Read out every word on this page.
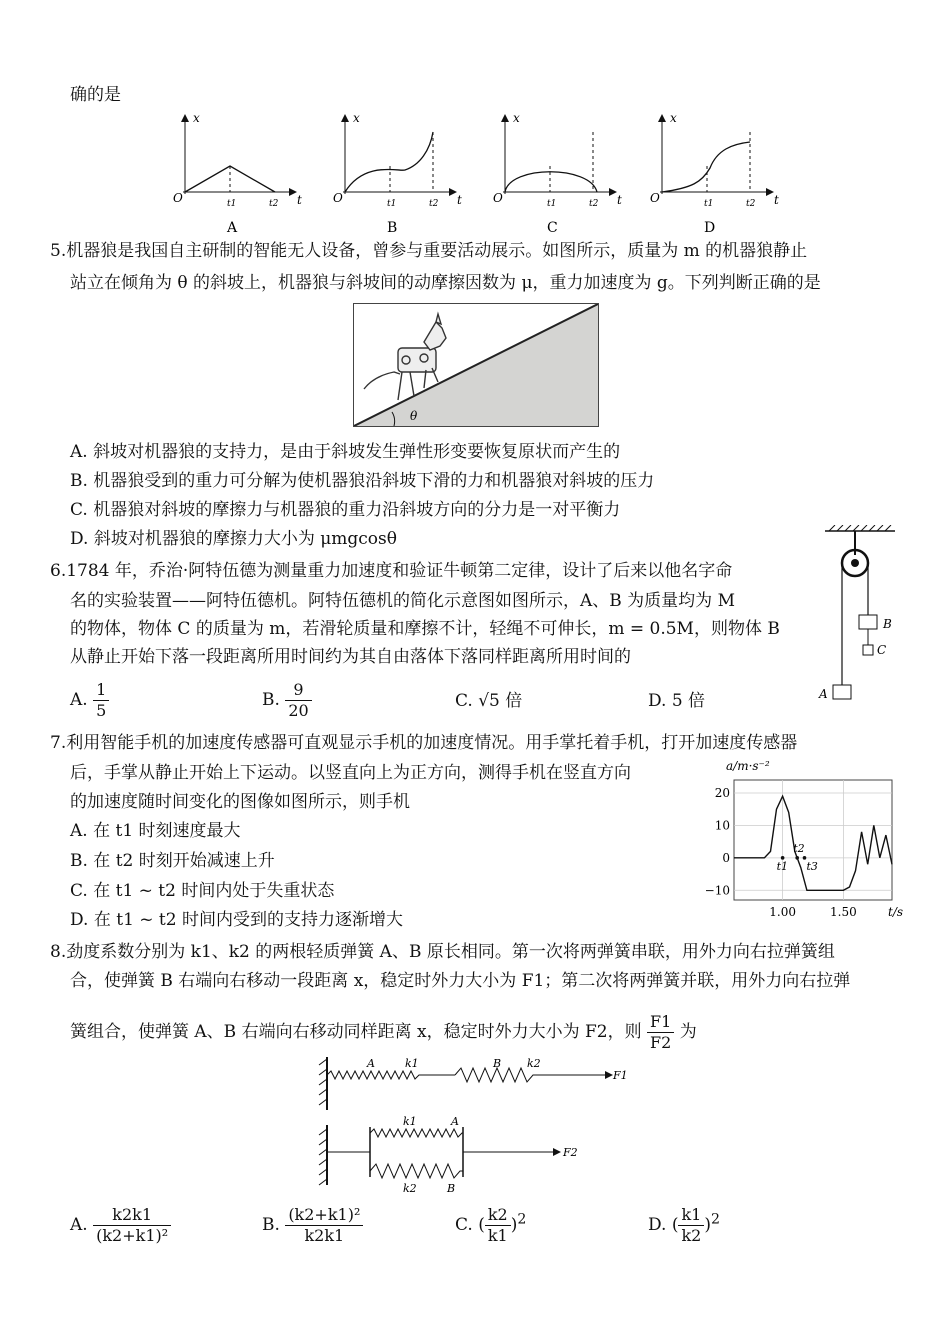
确的是
x
t
O	t1	t2
A
x
t
O	t1	t2
B
x
t
O	t1	t2
C
x
t
O	t1	t2
D
5.机器狼是我国自主研制的智能无人设备，曾参与重要活动展示。如图所示，质量为 m 的机器狼静止
站立在倾角为 θ 的斜坡上，机器狼与斜坡间的动摩擦因数为 μ，重力加速度为 g。下列判断正确的是
θ
A. 斜坡对机器狼的支持力，是由于斜坡发生弹性形变要恢复原状而产生的
B. 机器狼受到的重力可分解为使机器狼沿斜坡下滑的力和机器狼对斜坡的压力
C. 机器狼对斜坡的摩擦力与机器狼的重力沿斜坡方向的分力是一对平衡力
D. 斜坡对机器狼的摩擦力大小为 μmgcosθ
6.1784 年，乔治·阿特伍德为测量重力加速度和验证牛顿第二定律，设计了后来以他名字命
名的实验装置——阿特伍德机。阿特伍德机的简化示意图如图所示，A、B 为质量均为 M
的物体，物体 C 的质量为 m，若滑轮质量和摩擦不计，轻绳不可伸长，m = 0.5M，则物体 B
从静止开始下落一段距离所用时间约为其自由落体下落同样距离所用时间的
B
C
A
A. $\frac{1}{5}$	B. $\frac{9}{20}$	C. √5 倍	D. 5 倍
7.利用智能手机的加速度传感器可直观显示手机的加速度情况。用手掌托着手机，打开加速度传感器
后，手掌从静止开始上下运动。以竖直向上为正方向，测得手机在竖直方向
的加速度随时间变化的图像如图所示，则手机
A. 在 t1 时刻速度最大
B. 在 t2 时刻开始减速上升
C. 在 t1 ~ t2 时间内处于失重状态
D. 在 t1 ~ t2 时间内受到的支持力逐渐增大
20
10
0
−10
1.00	1.50
a/m·s⁻²
t/s
t1
t2
t3
8.劲度系数分别为 k1、k2 的两根轻质弹簧 A、B 原长相同。第一次将两弹簧串联，用外力向右拉弹簧组
合，使弹簧 B 右端向右移动一段距离 x，稳定时外力大小为 F1；第二次将两弹簧并联，用外力向右拉弹
簧组合，使弹簧 A、B 右端向右移动同样距离 x，稳定时外力大小为 F2，则 $\frac{F1}{F2}$ 为
A	k1	B k2
F1
k1	A
k2	B
F2
A. $\frac{k2k1}{\text{(k2+k1)²}}$	B. $\frac{\text{(k2+k1)²}}{k2k1}$	C. ( $\frac{k2}{k1} )^2$	D. ( $\frac{k1}{k2} )^2$
